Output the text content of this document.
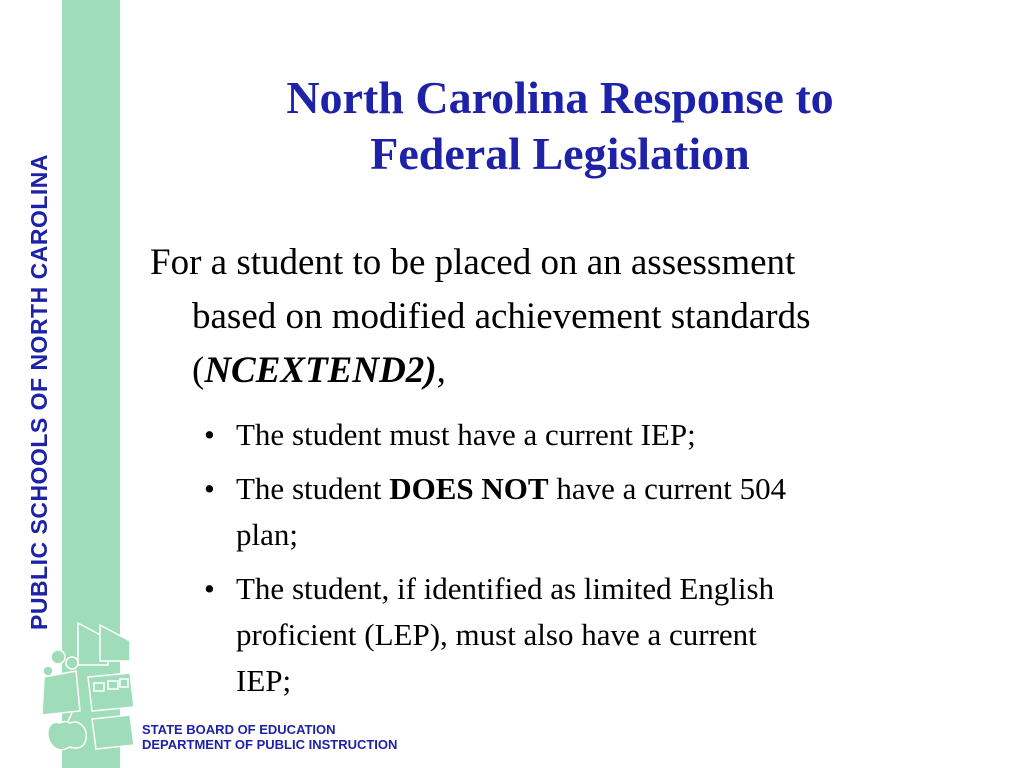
PUBLIC SCHOOLS OF NORTH CAROLINA
North Carolina Response to
Federal Legislation
For a student to be placed on an assessment
based on modified achievement standards
(NCEXTEND2),
• The student must have a current IEP;
• The student DOES NOT have a current 504
plan;
• The student, if identified as limited English
proficient (LEP), must also have a current
IEP;
STATE BOARD OF EDUCATION
DEPARTMENT OF PUBLIC INSTRUCTION
